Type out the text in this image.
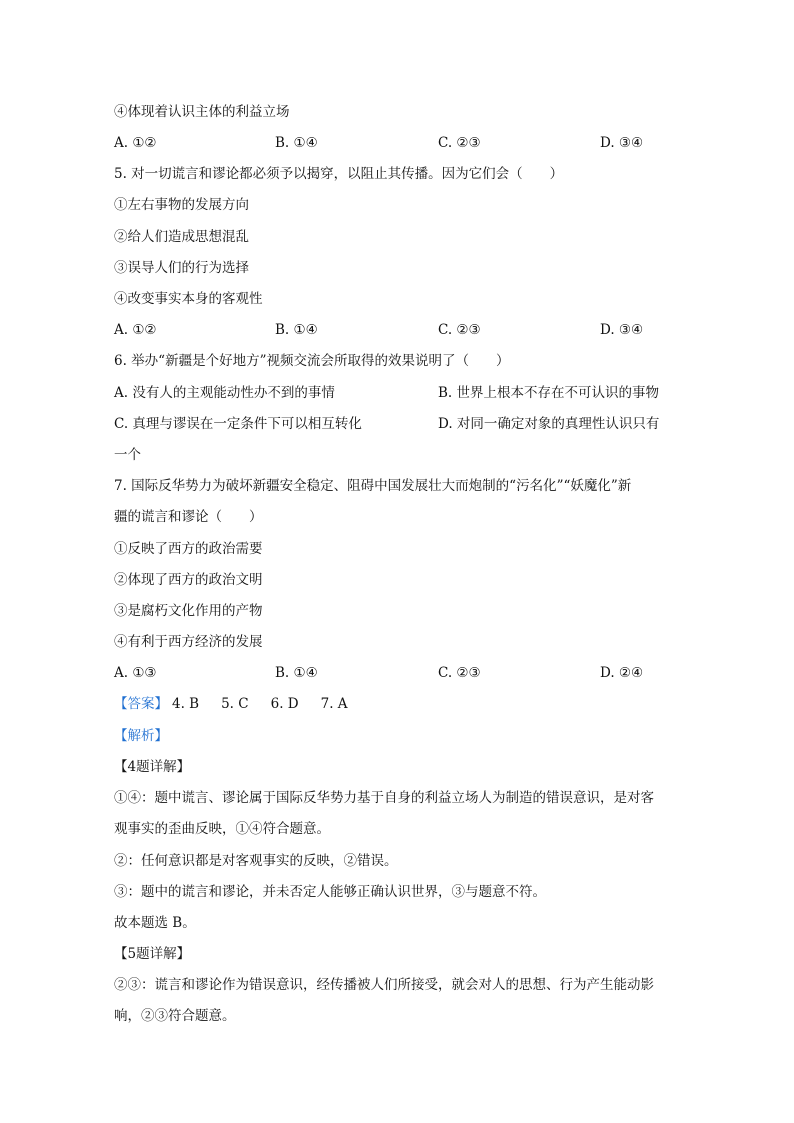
④体现着认识主体的利益立场
A. ①②	B. ①④	C. ②③	D. ③④
5. 对一切谎言和谬论都必须予以揭穿，以阻止其传播。因为它们会（　　）
①左右事物的发展方向
②给人们造成思想混乱
③误导人们的行为选择
④改变事实本身的客观性
A. ①②	B. ①④	C. ②③	D. ③④
6. 举办“新疆是个好地方”视频交流会所取得的效果说明了（　　）
A. 没有人的主观能动性办不到的事情	B. 世界上根本不存在不可认识的事物
C. 真理与谬误在一定条件下可以相互转化	D. 对同一确定对象的真理性认识只有
一个
7. 国际反华势力为破坏新疆安全稳定、阻碍中国发展壮大而炮制的“污名化”“妖魔化”新
疆的谎言和谬论（　　）
①反映了西方的政治需要
②体现了西方的政治文明
③是腐朽文化作用的产物
④有利于西方经济的发展
A. ①③	B. ①④	C. ②③	D. ②④
【答案】 4. B 5. C 6. D 7. A
【解析】
【4题详解】
①④：题中谎言、谬论属于国际反华势力基于自身的利益立场人为制造的错误意识，是对客
观事实的歪曲反映，①④符合题意。
②：任何意识都是对客观事实的反映，②错误。
③：题中的谎言和谬论，并未否定人能够正确认识世界，③与题意不符。
故本题选 B。
【5题详解】
②③：谎言和谬论作为错误意识，经传播被人们所接受，就会对人的思想、行为产生能动影
响，②③符合题意。
